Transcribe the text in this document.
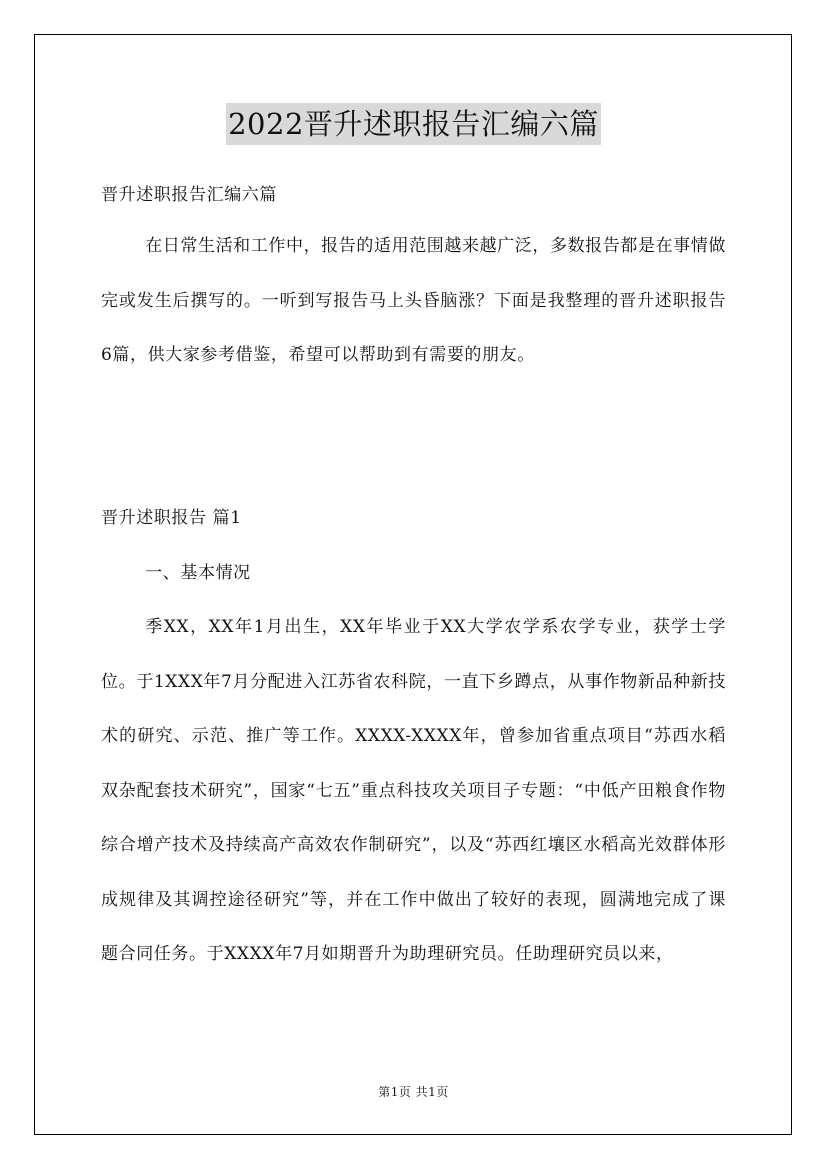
2022晋升述职报告汇编六篇

晋升述职报告汇编六篇

在日常生活和工作中，报告的适用范围越来越广泛，多数报告都是在事情做完或发生后撰写的。一听到写报告马上头昏脑涨？下面是我整理的晋升述职报告6篇，供大家参考借鉴，希望可以帮助到有需要的朋友。

晋升述职报告 篇1

一、基本情况

季XX，XX年1月出生，XX年毕业于XX大学农学系农学专业，获学士学位。于1XXX年7月分配进入江苏省农科院，一直下乡蹲点，从事作物新品种新技术的研究、示范、推广等工作。XXXX-XXXX年，曾参加省重点项目“苏西水稻双杂配套技术研究”，国家“七五”重点科技攻关项目子专题：“中低产田粮食作物综合增产技术及持续高产高效农作制研究”，以及“苏西红壤区水稻高光效群体形成规律及其调控途径研究”等，并在工作中做出了较好的表现，圆满地完成了课题合同任务。于XXXX年7月如期晋升为助理研究员。任助理研究员以来，

第1页 共1页
